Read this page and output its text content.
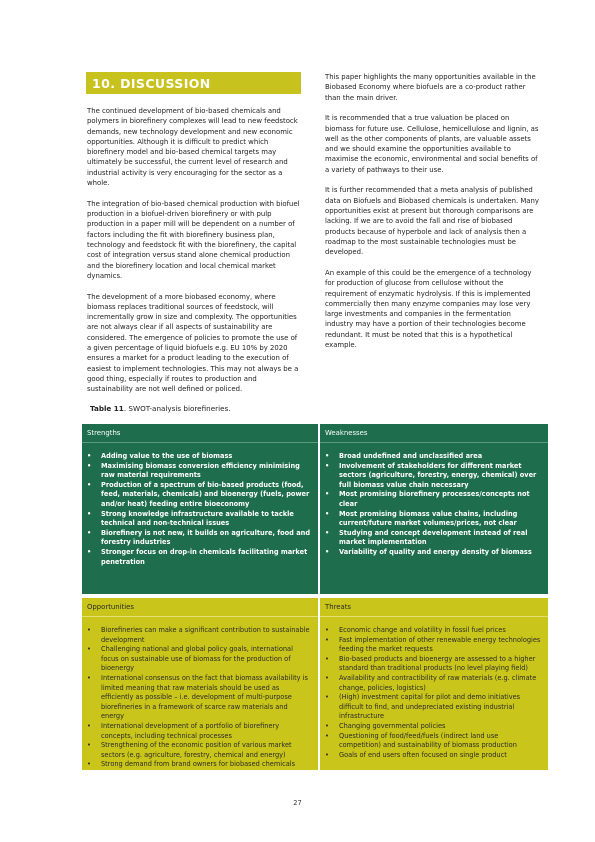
10. DISCUSSION

The continued development of bio-based chemicals and polymers in biorefinery complexes will lead to new feedstock demands, new technology development and new economic opportunities. Although it is difficult to predict which biorefinery model and bio-based chemical targets may ultimately be successful, the current level of research and industrial activity is very encouraging for the sector as a whole.

The integration of bio-based chemical production with biofuel production in a biofuel-driven biorefinery or with pulp production in a paper mill will be dependent on a number of factors including the fit with biorefinery business plan, technology and feedstock fit with the biorefinery, the capital cost of integration versus stand alone chemical production and the biorefinery location and local chemical market dynamics.

The development of a more biobased economy, where biomass replaces traditional sources of feedstock, will incrementally grow in size and complexity. The opportunities are not always clear if all aspects of sustainability are considered. The emergence of policies to promote the use of a given percentage of liquid biofuels e.g. EU 10% by 2020 ensures a market for a product leading to the execution of easiest to implement technologies. This may not always be a good thing, especially if routes to production and sustainability are not well defined or policed.

This paper highlights the many opportunities available in the Biobased Economy where biofuels are a co-product rather than the main driver.

It is recommended that a true valuation be placed on biomass for future use. Cellulose, hemicellulose and lignin, as well as the other components of plants, are valuable assets and we should examine the opportunities available to maximise the economic, environmental and social benefits of a variety of pathways to their use.

It is further recommended that a meta analysis of published data on Biofuels and Biobased chemicals is undertaken. Many opportunities exist at present but thorough comparisons are lacking. If we are to avoid the fall and rise of biobased products because of hyperbole and lack of analysis then a roadmap to the most sustainable technologies must be developed.

An example of this could be the emergence of a technology for production of glucose from cellulose without the requirement of enzymatic hydrolysis. If this is implemented commercially then many enzyme companies may lose very large investments and companies in the fermentation industry may have a portion of their technologies become redundant. It must be noted that this is a hypothetical example.

Table 11. SWOT-analysis biorefineries.
Strengths
• Adding value to the use of biomass
• Maximising biomass conversion efficiency minimising raw material requirements
• Production of a spectrum of bio-based products (food, feed, materials, chemicals) and bioenergy (fuels, power and/or heat) feeding entire bioeconomy
• Strong knowledge infrastructure available to tackle technical and non-technical issues
• Biorefinery is not new, it builds on agriculture, food and forestry industries
• Stronger focus on drop-in chemicals facilitating market penetration
Weaknesses
• Broad undefined and unclassified area
• Involvement of stakeholders for different market sectors (agriculture, forestry, energy, chemical) over full biomass value chain necessary
• Most promising biorefinery processes/concepts not clear
• Most promising biomass value chains, including current/future market volumes/prices, not clear
• Studying and concept development instead of real market implementation
• Variability of quality and energy density of biomass
Opportunities
• Biorefineries can make a significant contribution to sustainable development
• Challenging national and global policy goals, international focus on sustainable use of biomass for the production of bioenergy
• International consensus on the fact that biomass availability is limited meaning that raw materials should be used as efficiently as possible – i.e. development of multi-purpose biorefineries in a framework of scarce raw materials and energy
• International development of a portfolio of biorefinery concepts, including technical processes
• Strengthening of the economic position of various market sectors (e.g. agriculture, forestry, chemical and energy)
• Strong demand from brand owners for biobased chemicals
Threats
• Economic change and volatility in fossil fuel prices
• Fast implementation of other renewable energy technologies feeding the market requests
• Bio-based products and bioenergy are assessed to a higher standard than traditional products (no level playing field)
• Availability and contractibility of raw materials (e.g. climate change, policies, logistics)
• (High) investment capital for pilot and demo initiatives difficult to find, and undepreciated existing industrial infrastructure
• Changing governmental policies
• Questioning of food/feed/fuels (indirect land use competition) and sustainability of biomass production
• Goals of end users often focused on single product
27
